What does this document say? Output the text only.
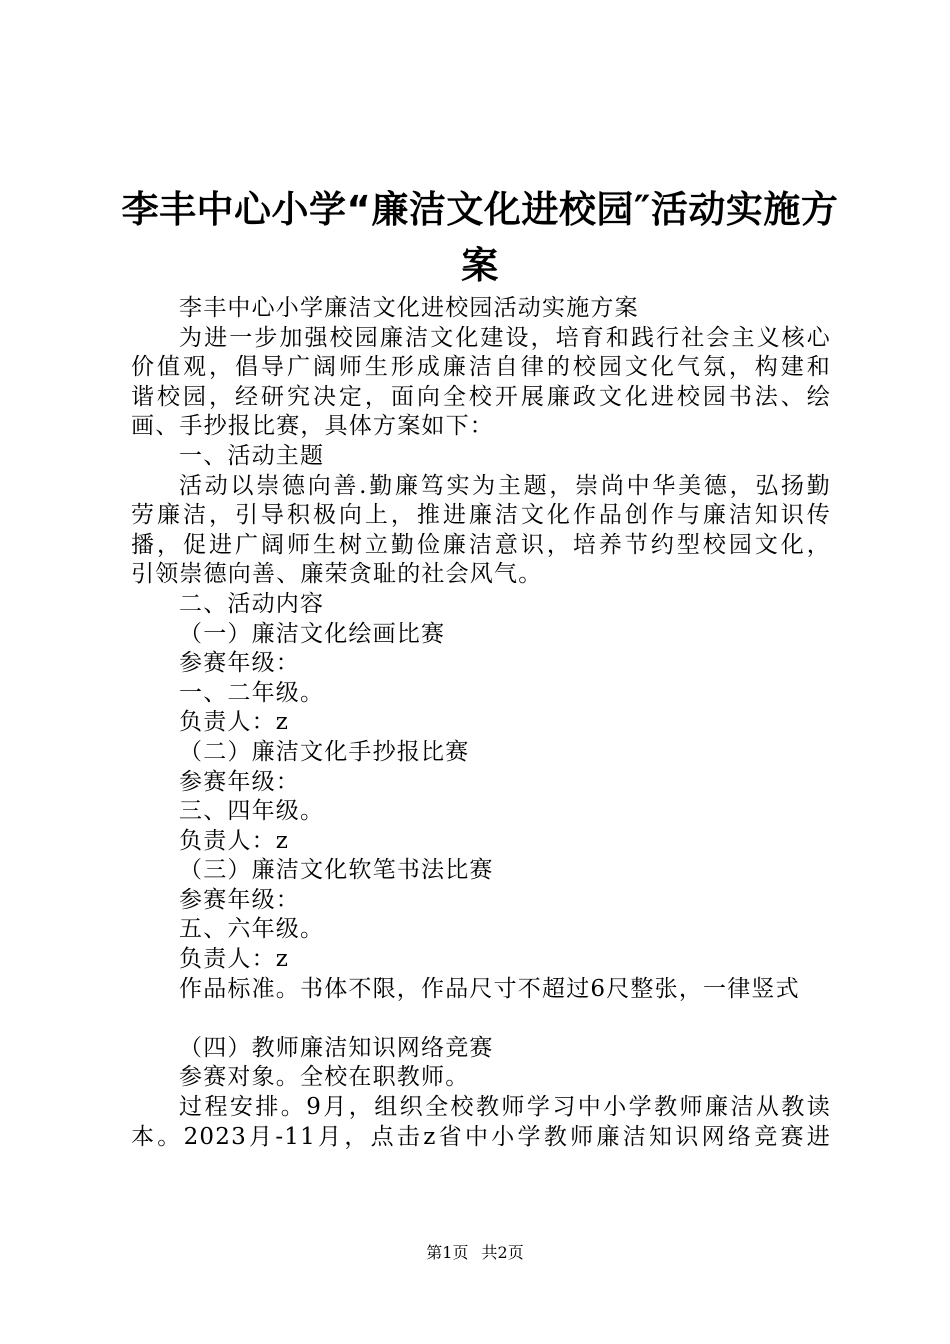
李丰中心小学“廉洁文化进校园″活动实施方
案

李丰中心小学廉洁文化进校园活动实施方案

为进一步加强校园廉洁文化建设，培育和践行社会主义核心

价值观，倡导广阔师生形成廉洁自律的校园文化气氛，构建和

谐校园，经研究决定，面向全校开展廉政文化进校园书法、绘

画、手抄报比赛，具体方案如下：

一、活动主题

活动以崇德向善.勤廉笃实为主题，崇尚中华美德，弘扬勤

劳廉洁，引导积极向上，推进廉洁文化作品创作与廉洁知识传

播，促进广阔师生树立勤俭廉洁意识，培养节约型校园文化，

引领崇德向善、廉荣贪耻的社会风气。

二、活动内容

（一）廉洁文化绘画比赛

参赛年级：

一、二年级。

负责人：z

（二）廉洁文化手抄报比赛

参赛年级：

三、四年级。

负责人：z

（三）廉洁文化软笔书法比赛

参赛年级：

五、六年级。

负责人：z

作品标准。书体不限，作品尺寸不超过6尺整张，一律竖式

（四）教师廉洁知识网络竞赛

参赛对象。全校在职教师。

过程安排。9月，组织全校教师学习中小学教师廉洁从教读

本。2023月-11月，点击z省中小学教师廉洁知识网络竞赛进

第1页 共2页
